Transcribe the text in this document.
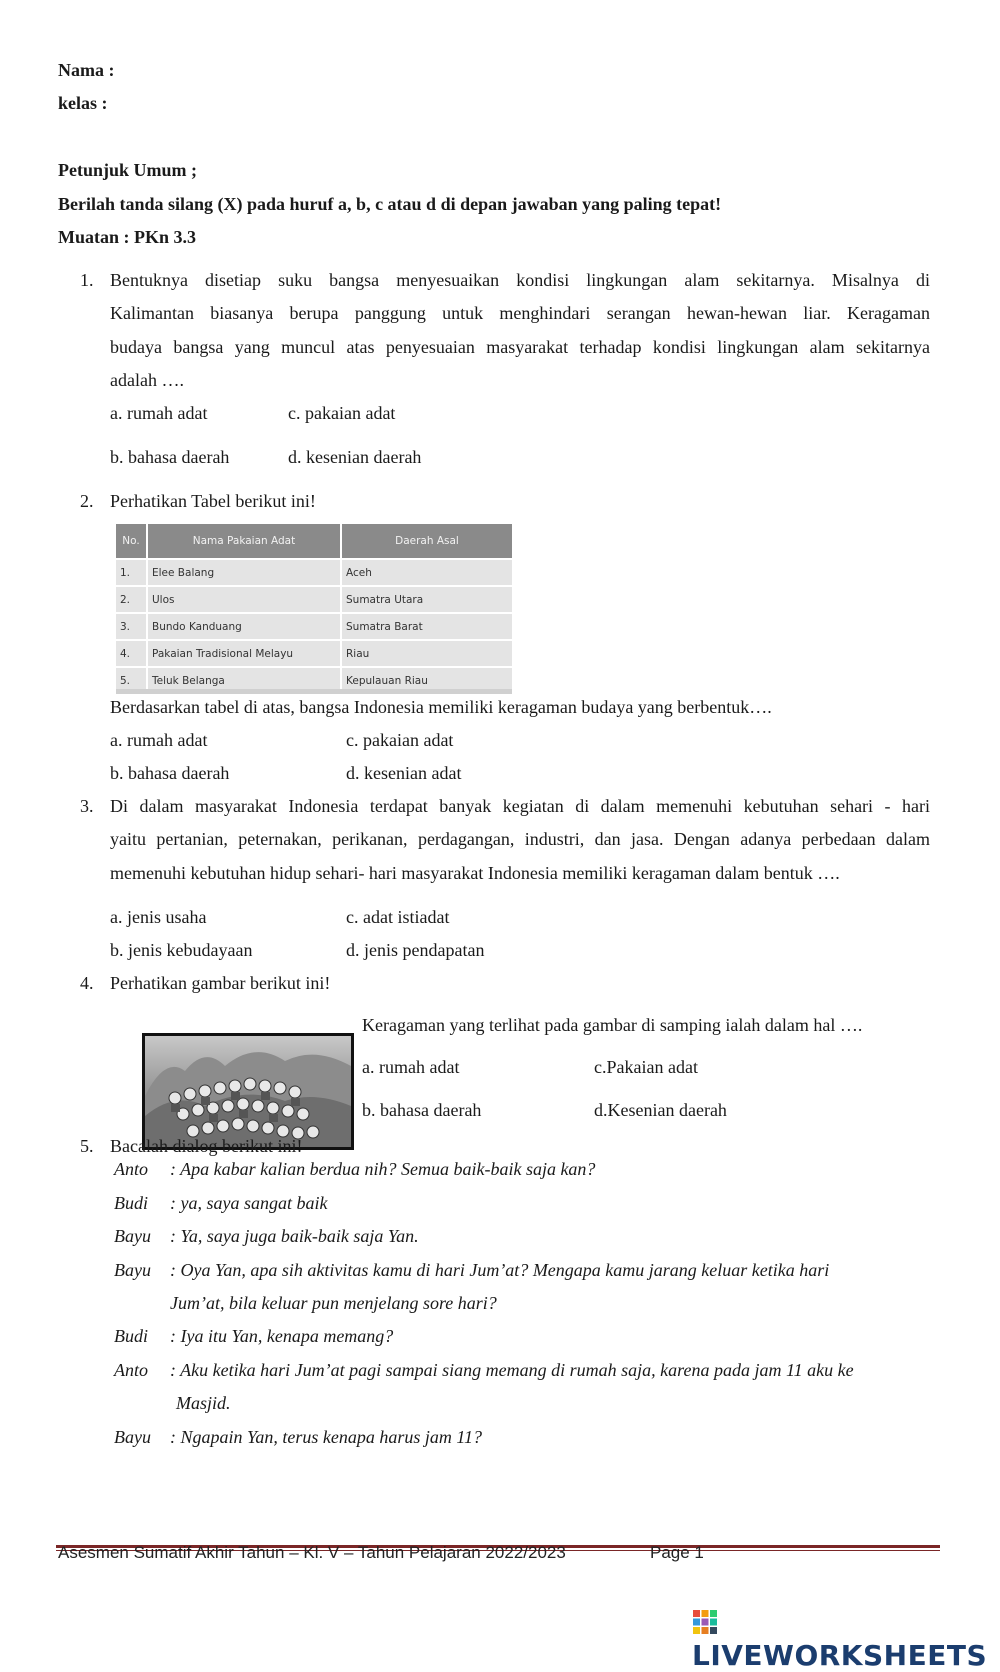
Nama :
kelas :
Petunjuk Umum ;
Berilah tanda silang (X) pada huruf a, b, c atau d di depan jawaban yang paling tepat!
Muatan : PKn 3.3
1. Bentuknya disetiap suku bangsa menyesuaikan kondisi lingkungan alam sekitarnya. Misalnya di
Kalimantan biasanya berupa panggung untuk menghindari serangan hewan-hewan liar. Keragaman
budaya bangsa yang muncul atas penyesuaian masyarakat terhadap kondisi lingkungan alam sekitarnya
adalah ….
a. rumah adat	c. pakaian adat
b. bahasa daerah	d. kesenian daerah
2. Perhatikan Tabel berikut ini!
No.	Nama Pakaian Adat	Daerah Asal
1.	Elee Balang	Aceh
2.	Ulos	Sumatra Utara
3.	Bundo Kanduang	Sumatra Barat
4.	Pakaian Tradisional Melayu	Riau
5.	Teluk Belanga	Kepulauan Riau
Berdasarkan tabel di atas, bangsa Indonesia memiliki keragaman budaya yang berbentuk….
a. rumah adat	c. pakaian adat
b. bahasa daerah	d. kesenian adat
3. Di dalam masyarakat Indonesia terdapat banyak kegiatan di dalam memenuhi kebutuhan sehari - hari
yaitu pertanian, peternakan, perikanan, perdagangan, industri, dan jasa. Dengan adanya perbedaan dalam
memenuhi kebutuhan hidup sehari- hari masyarakat Indonesia memiliki keragaman dalam bentuk ….
a. jenis usaha	c. adat istiadat
b. jenis kebudayaan	d. jenis pendapatan
4. Perhatikan gambar berikut ini!
Keragaman yang terlihat pada gambar di samping ialah dalam hal ….
a. rumah adat	c.Pakaian adat
b. bahasa daerah	d.Kesenian daerah
5. Bacalah dialog berikut ini!
Anto : Apa kabar kalian berdua nih? Semua baik-baik saja kan?
Budi : ya, saya sangat baik
Bayu : Ya, saya juga baik-baik saja Yan.
Bayu : Oya Yan, apa sih aktivitas kamu di hari Jum’at? Mengapa kamu jarang keluar ketika hari
Jum’at, bila keluar pun menjelang sore hari?
Budi : Iya itu Yan, kenapa memang?
Anto : Aku ketika hari Jum’at pagi sampai siang memang di rumah saja, karena pada jam 11 aku ke
Masjid.
Bayu : Ngapain Yan, terus kenapa harus jam 11?
Asesmen Sumatif Akhir Tahun – Kl. V – Tahun Pelajaran 2022/2023	Page 1
LIVEWORKSHEETS
